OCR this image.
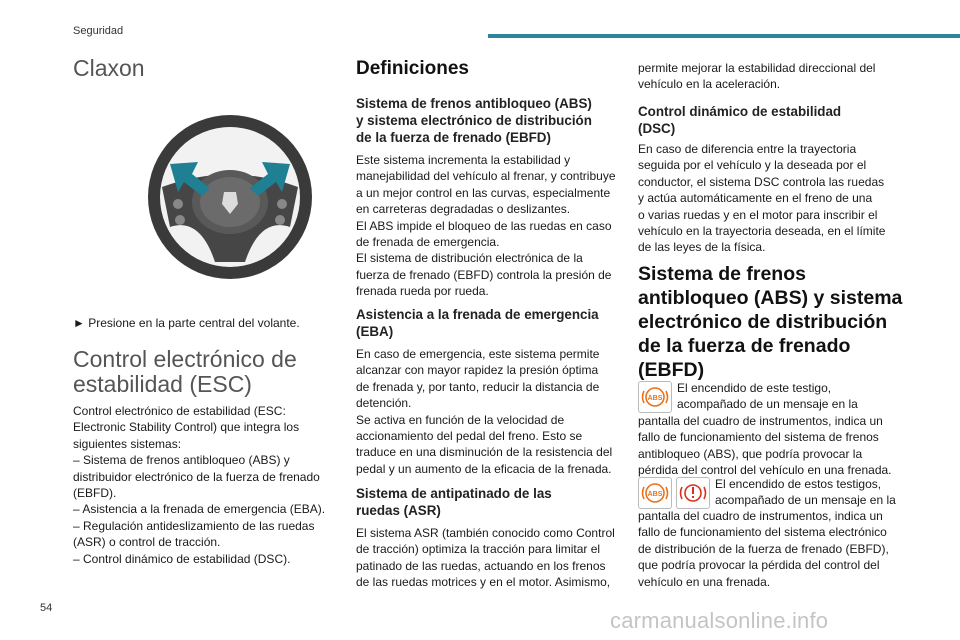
Seguridad
Claxon
► Presione en la parte central del volante.
Control electrónico de
estabilidad (ESC)
Control electrónico de estabilidad (ESC:
Electronic Stability Control) que integra los
siguientes sistemas:
– Sistema de frenos antibloqueo (ABS) y
distribuidor electrónico de la fuerza de frenado
(EBFD).
– Asistencia a la frenada de emergencia (EBA).
– Regulación antideslizamiento de las ruedas
(ASR) o control de tracción.
– Control dinámico de estabilidad (DSC).
Definiciones
Sistema de frenos antibloqueo (ABS)
y sistema electrónico de distribución
de la fuerza de frenado (EBFD)
Este sistema incrementa la estabilidad y
manejabilidad del vehículo al frenar, y contribuye
a un mejor control en las curvas, especialmente
en carreteras degradadas o deslizantes.
El ABS impide el bloqueo de las ruedas en caso
de frenada de emergencia.
El sistema de distribución electrónica de la
fuerza de frenado (EBFD) controla la presión de
frenada rueda por rueda.
Asistencia a la frenada de emergencia
(EBA)
En caso de emergencia, este sistema permite
alcanzar con mayor rapidez la presión óptima
de frenada y, por tanto, reducir la distancia de
detención.
Se activa en función de la velocidad de
accionamiento del pedal del freno. Esto se
traduce en una disminución de la resistencia del
pedal y un aumento de la eficacia de la frenada.
Sistema de antipatinado de las
ruedas (ASR)
El sistema ASR (también conocido como Control
de tracción) optimiza la tracción para limitar el
patinado de las ruedas, actuando en los frenos
de las ruedas motrices y en el motor. Asimismo,
permite mejorar la estabilidad direccional del
vehículo en la aceleración.
Control dinámico de estabilidad
(DSC)
En caso de diferencia entre la trayectoria
seguida por el vehículo y la deseada por el
conductor, el sistema DSC controla las ruedas
y actúa automáticamente en el freno de una
o varias ruedas y en el motor para inscribir el
vehículo en la trayectoria deseada, en el límite
de las leyes de la física.
Sistema de frenos
antibloqueo (ABS) y sistema
electrónico de distribución
de la fuerza de frenado
(EBFD)
ABS
El encendido de este testigo,
acompañado de un mensaje en la
pantalla del cuadro de instrumentos, indica un
fallo de funcionamiento del sistema de frenos
antibloqueo (ABS), que podría provocar la
pérdida del control del vehículo en una frenada.
ABS
El encendido de estos testigos,
acompañado de un mensaje en la
pantalla del cuadro de instrumentos, indica un
fallo de funcionamiento del sistema electrónico
de distribución de la fuerza de frenado (EBFD),
que podría provocar la pérdida del control del
vehículo en una frenada.
54	carmanualsonline.info
